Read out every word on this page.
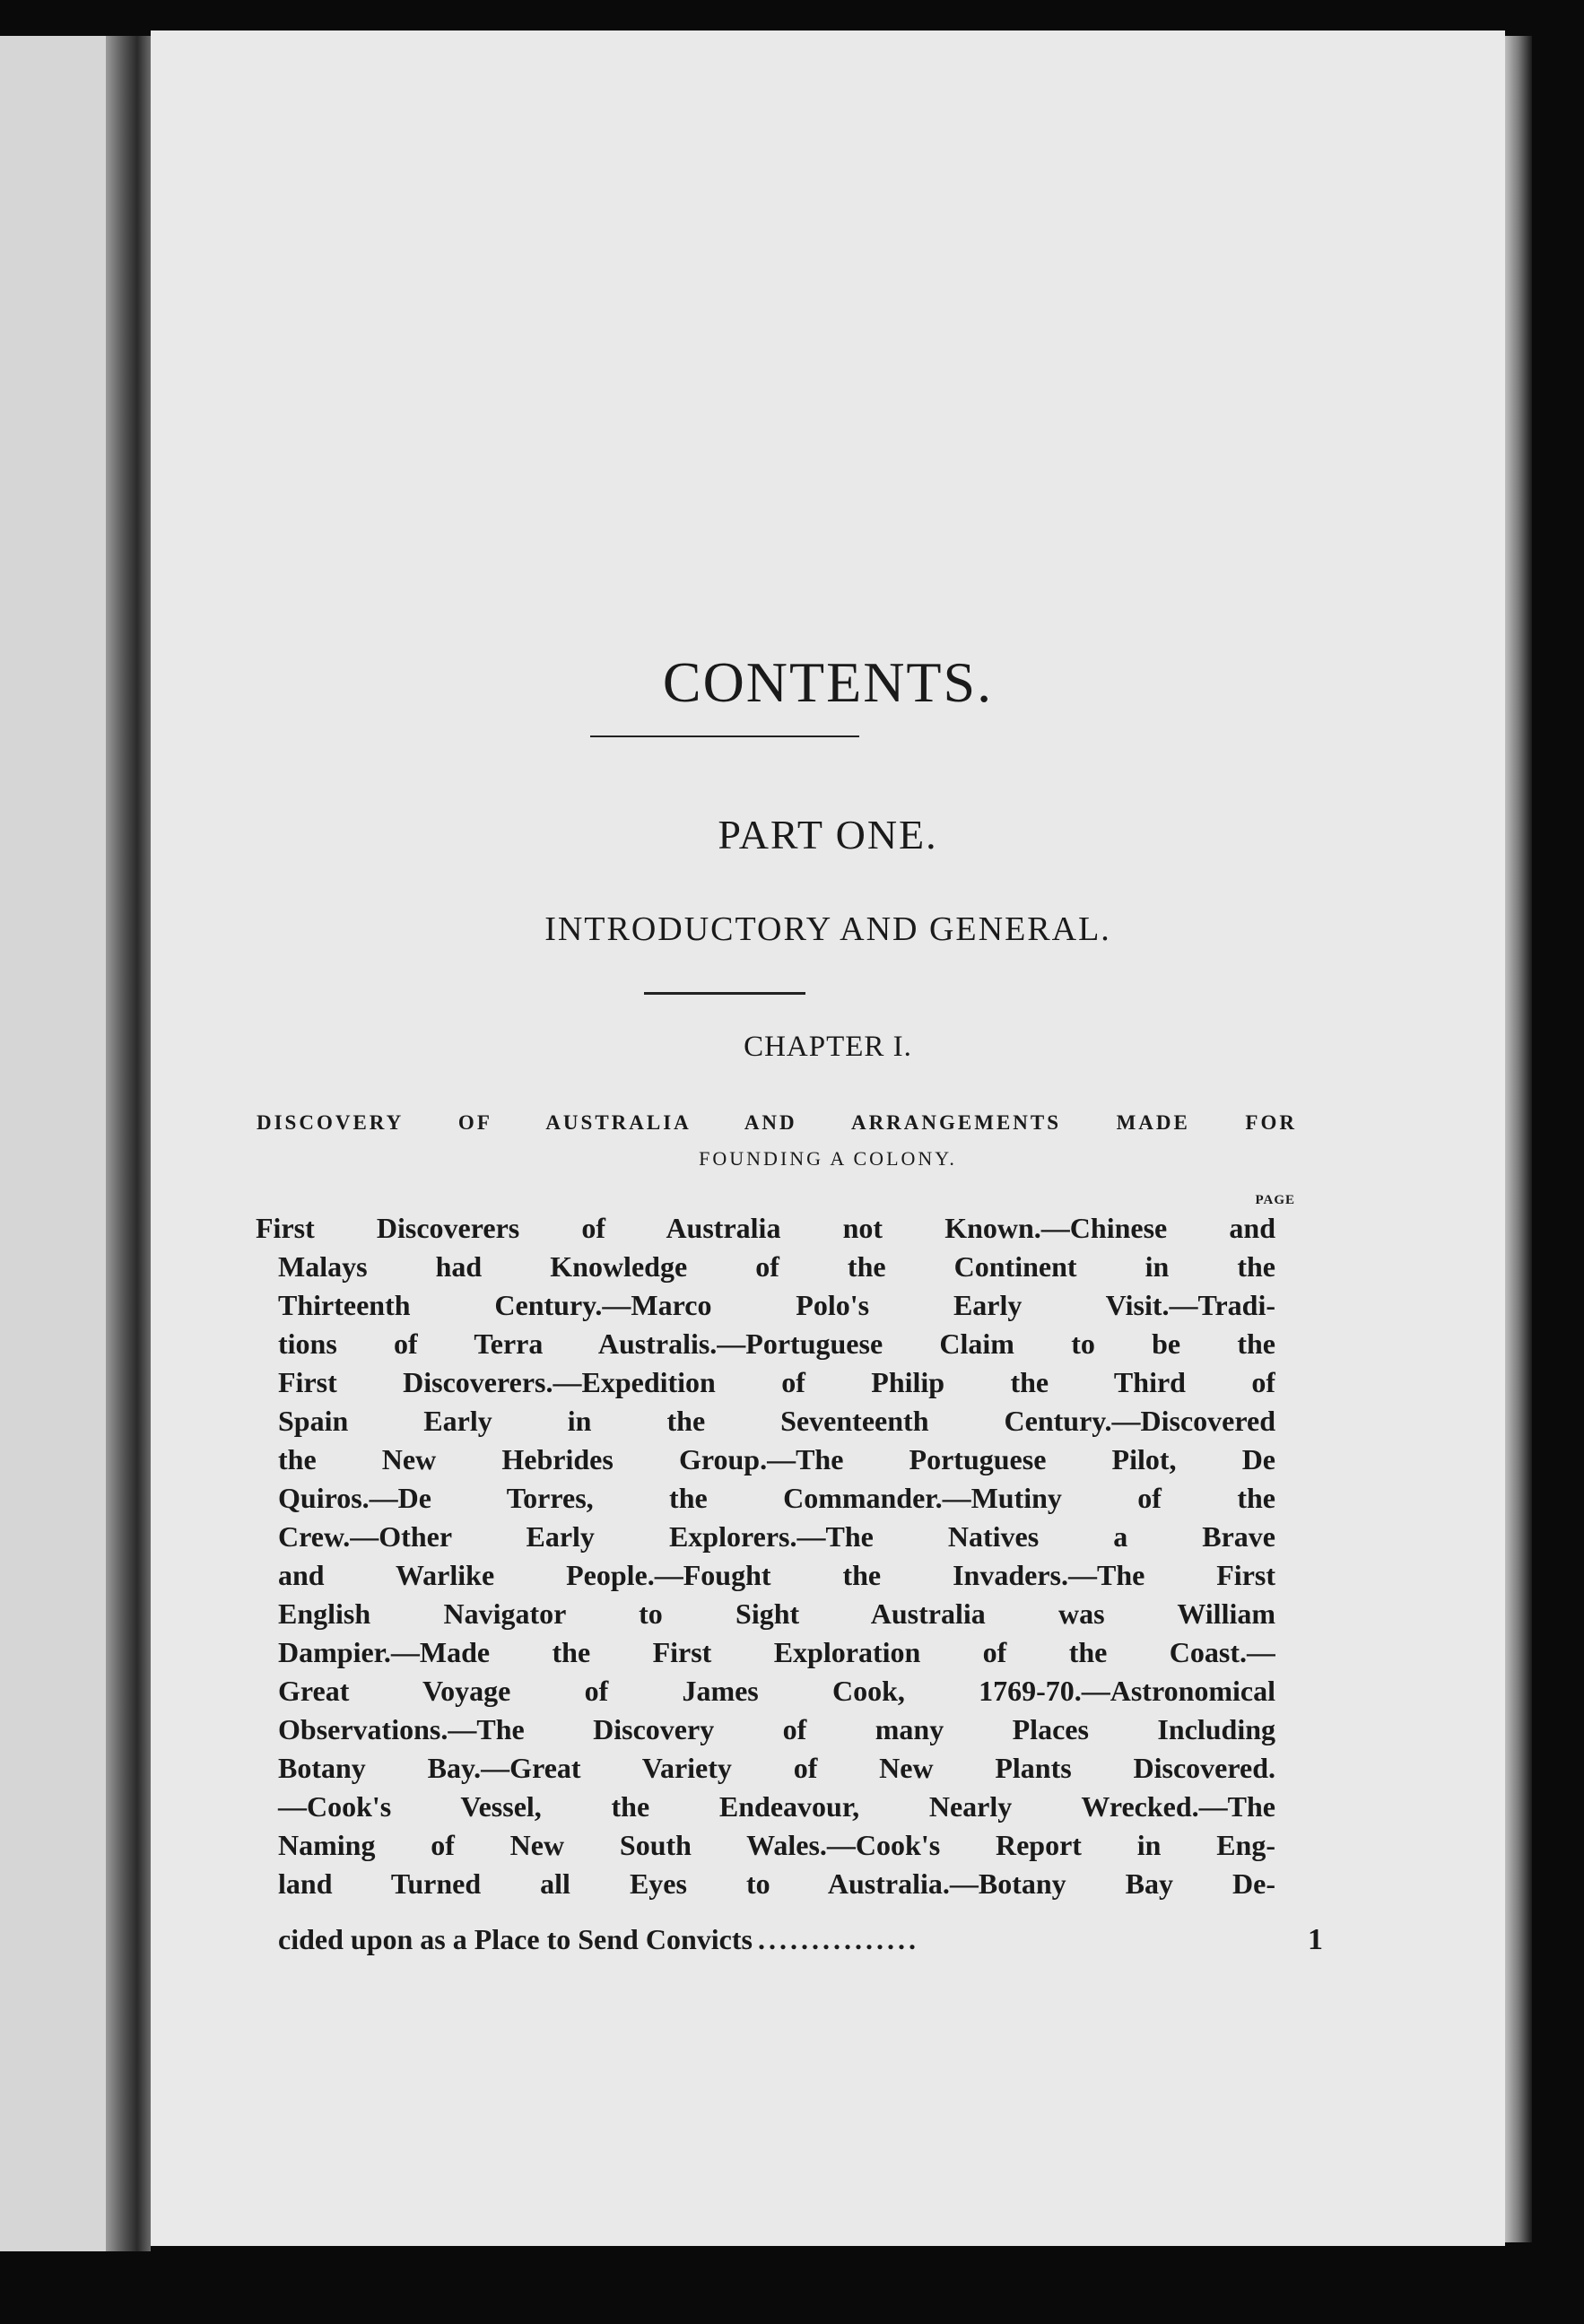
CONTENTS.
PART ONE.
INTRODUCTORY AND GENERAL.
CHAPTER I.
DISCOVERY OF AUSTRALIA AND ARRANGEMENTS MADE FOR
FOUNDING A COLONY.
PAGE
First Discoverers of Australia not Known.—Chinese and
Malays had Knowledge of the Continent in the
Thirteenth Century.—Marco Polo's Early Visit.—Tradi-
tions of Terra Australis.—Portuguese Claim to be the
First Discoverers.—Expedition of Philip the Third of
Spain Early in the Seventeenth Century.—Discovered
the New Hebrides Group.—The Portuguese Pilot, De
Quiros.—De Torres, the Commander.—Mutiny of the
Crew.—Other Early Explorers.—The Natives a Brave
and Warlike People.—Fought the Invaders.—The First
English Navigator to Sight Australia was William
Dampier.—Made the First Exploration of the Coast.—
Great Voyage of James Cook, 1769-70.—Astronomical
Observations.—The Discovery of many Places Including
Botany Bay.—Great Variety of New Plants Discovered.
—Cook's Vessel, the Endeavour, Nearly Wrecked.—The
Naming of New South Wales.—Cook's Report in Eng-
land Turned all Eyes to Australia.—Botany Bay De-
cided upon as a Place to Send Convicts ...............	1
